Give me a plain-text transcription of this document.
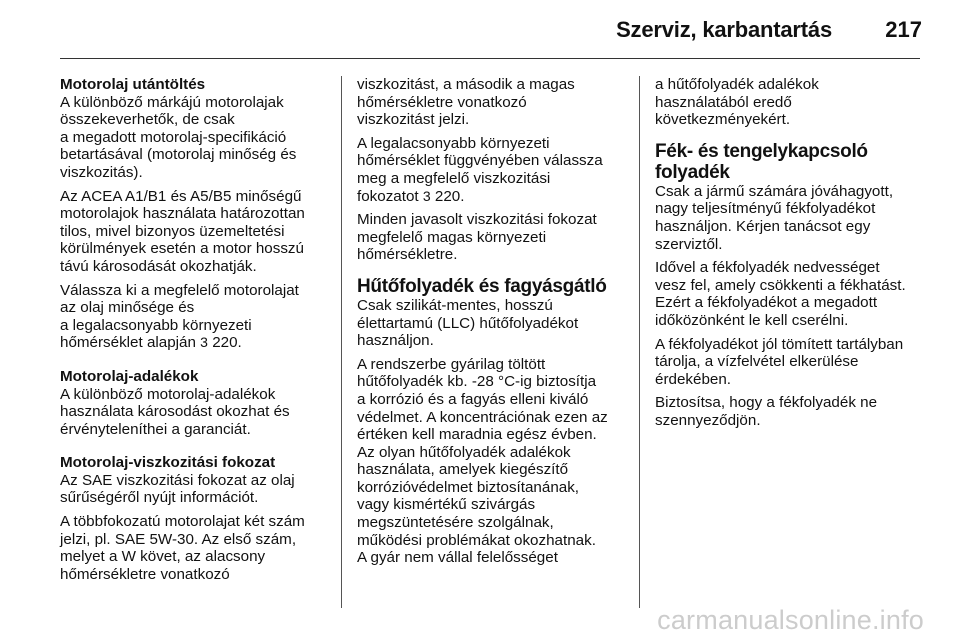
Szerviz, karbantartás 217
Motorolaj utántöltés

A különböző márkájú motorolajak
összekeverhetők, de csak
a megadott motorolaj-specifikáció
betartásával (motorolaj minőség és
viszkozitás).

Az ACEA A1/B1 és A5/B5 minőségű
motorolajok használata határozottan
tilos, mivel bizonyos üzemeltetési
körülmények esetén a motor hosszú
távú károsodását okozhatják.

Válassza ki a megfelelő motorolajat
az olaj minősége és
a legalacsonyabb környezeti
hőmérséklet alapján 3 220.

Motorolaj-adalékok

A különböző motorolaj-adalékok
használata károsodást okozhat és
érvényteleníthei a garanciát.

Motorolaj-viszkozitási fokozat

Az SAE viszkozitási fokozat az olaj
sűrűségéről nyújt információt.

A többfokozatú motorolajat két szám
jelzi, pl. SAE 5W-30. Az első szám,
melyet a W követ, az alacsony
hőmérsékletre vonatkozó

viszkozitást, a második a magas
hőmérsékletre vonatkozó
viszkozitást jelzi.

A legalacsonyabb környezeti
hőmérséklet függvényében válassza
meg a megfelelő viszkozitási
fokozatot 3 220.

Minden javasolt viszkozitási fokozat
megfelelő magas környezeti
hőmérsékletre.

Hűtőfolyadék és fagyásgátló

Csak szilikát-mentes, hosszú
élettartamú (LLC) hűtőfolyadékot
használjon.

A rendszerbe gyárilag töltött
hűtőfolyadék kb. -28 °C-ig biztosítja
a korrózió és a fagyás elleni kiváló
védelmet. A koncentrációnak ezen az
értéken kell maradnia egész évben.
Az olyan hűtőfolyadék adalékok
használata, amelyek kiegészítő
korrózióvédelmet biztosítanának,
vagy kismértékű szivárgás
megszüntetésére szolgálnak,
működési problémákat okozhatnak.
A gyár nem vállal felelősséget

a hűtőfolyadék adalékok
használatából eredő
következményekért.

Fék- és tengelykapcsoló
folyadék

Csak a jármű számára jóváhagyott,
nagy teljesítményű fékfolyadékot
használjon. Kérjen tanácsot egy
szerviztől.

Idővel a fékfolyadék nedvességet
vesz fel, amely csökkenti a fékhatást.
Ezért a fékfolyadékot a megadott
időközönként le kell cserélni.

A fékfolyadékot jól tömített tartályban
tárolja, a vízfelvétel elkerülése
érdekében.

Biztosítsa, hogy a fékfolyadék ne
szennyeződjön.

carmanualsonline.info
